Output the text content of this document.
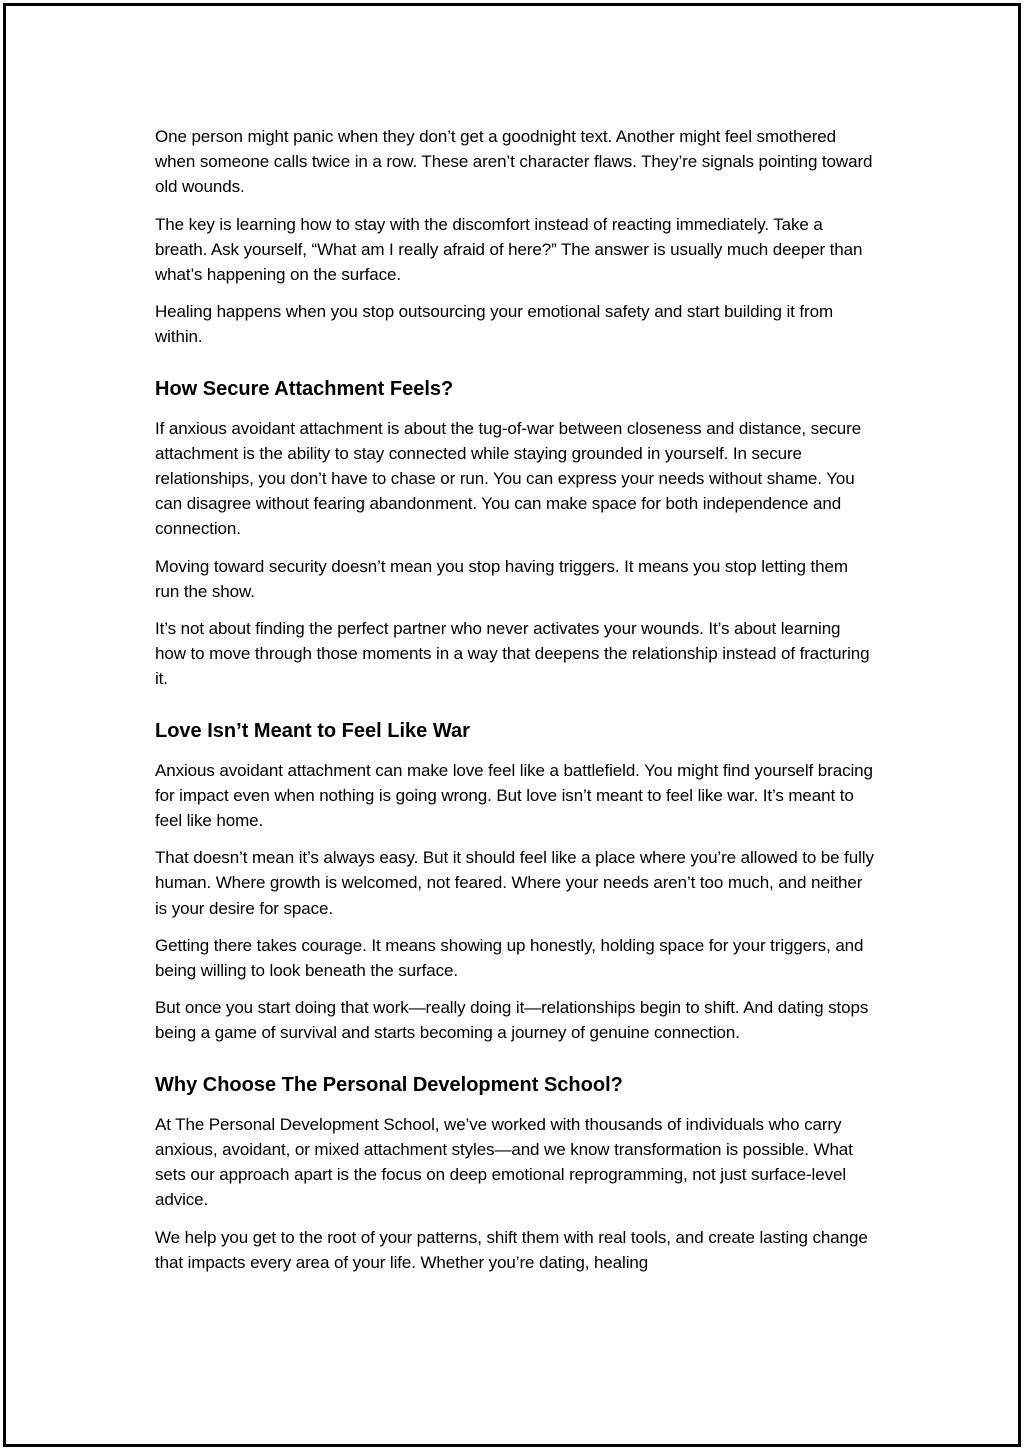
One person might panic when they don’t get a goodnight text. Another might feel smothered when someone calls twice in a row. These aren’t character flaws. They’re signals pointing toward old wounds.

The key is learning how to stay with the discomfort instead of reacting immediately. Take a breath. Ask yourself, “What am I really afraid of here?” The answer is usually much deeper than what’s happening on the surface.

Healing happens when you stop outsourcing your emotional safety and start building it from within.

How Secure Attachment Feels?

If anxious avoidant attachment is about the tug-of-war between closeness and distance, secure attachment is the ability to stay connected while staying grounded in yourself. In secure relationships, you don’t have to chase or run. You can express your needs without shame. You can disagree without fearing abandonment. You can make space for both independence and connection.

Moving toward security doesn’t mean you stop having triggers. It means you stop letting them run the show.

It’s not about finding the perfect partner who never activates your wounds. It’s about learning how to move through those moments in a way that deepens the relationship instead of fracturing it.

Love Isn’t Meant to Feel Like War

Anxious avoidant attachment can make love feel like a battlefield. You might find yourself bracing for impact even when nothing is going wrong. But love isn’t meant to feel like war. It’s meant to feel like home.

That doesn’t mean it’s always easy. But it should feel like a place where you’re allowed to be fully human. Where growth is welcomed, not feared. Where your needs aren’t too much, and neither is your desire for space.

Getting there takes courage. It means showing up honestly, holding space for your triggers, and being willing to look beneath the surface.

But once you start doing that work—really doing it—relationships begin to shift. And dating stops being a game of survival and starts becoming a journey of genuine connection.

Why Choose The Personal Development School?

At The Personal Development School, we’ve worked with thousands of individuals who carry anxious, avoidant, or mixed attachment styles—and we know transformation is possible. What sets our approach apart is the focus on deep emotional reprogramming, not just surface-level advice.

We help you get to the root of your patterns, shift them with real tools, and create lasting change that impacts every area of your life. Whether you’re dating, healing
